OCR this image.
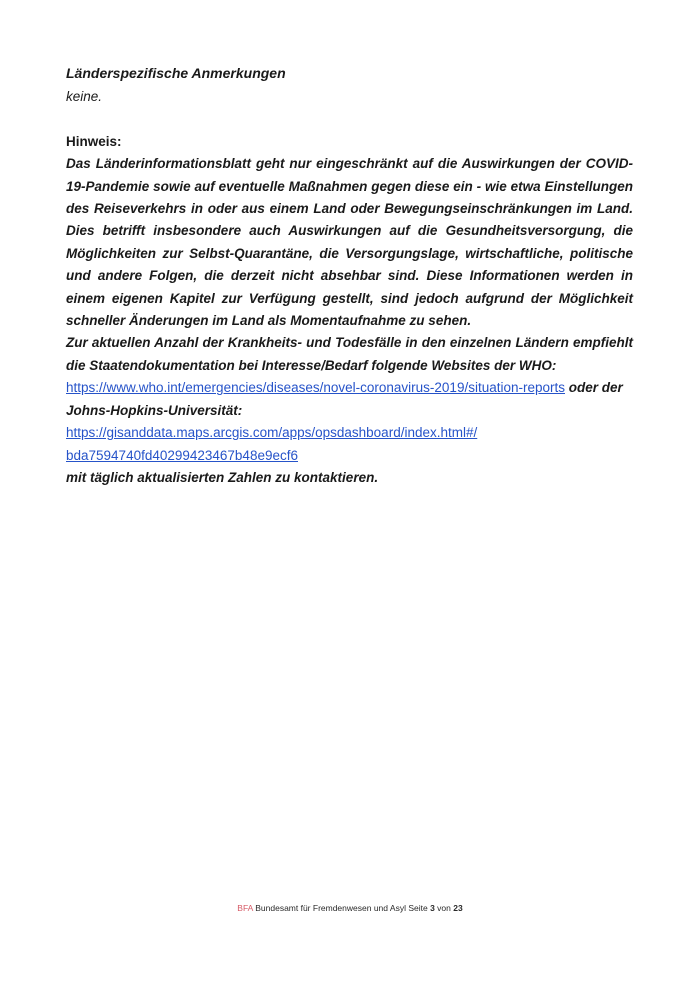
Länderspezifische Anmerkungen

keine.

Hinweis:

Das Länderinformationsblatt geht nur eingeschränkt auf die Auswirkungen der COVID-19-Pandemie sowie auf eventuelle Maßnahmen gegen diese ein - wie etwa Einstellungen des Reiseverkehrs in oder aus einem Land oder Bewegungseinschränkungen im Land. Dies betrifft insbesondere auch Auswirkungen auf die Gesundheitsversorgung, die Möglichkeiten zur Selbst-Quarantäne, die Versorgungslage, wirtschaftliche, politische und andere Folgen, die derzeit nicht absehbar sind. Diese Informationen werden in einem eigenen Kapitel zur Verfügung gestellt, sind jedoch aufgrund der Möglichkeit schneller Änderungen im Land als Momentaufnahme zu sehen.

Zur aktuellen Anzahl der Krankheits- und Todesfälle in den einzelnen Ländern empfiehlt die Staatendokumentation bei Interesse/Bedarf folgende Websites der WHO:

https://www.who.int/emergencies/diseases/novel-coronavirus-2019/situation-reports oder der

Johns-Hopkins-Universität:

https://gisanddata.maps.arcgis.com/apps/opsdashboard/index.html#/

bda7594740fd40299423467b48e9ecf6

mit täglich aktualisierten Zahlen zu kontaktieren.

BFA Bundesamt für Fremdenwesen und Asyl Seite 3 von 23
